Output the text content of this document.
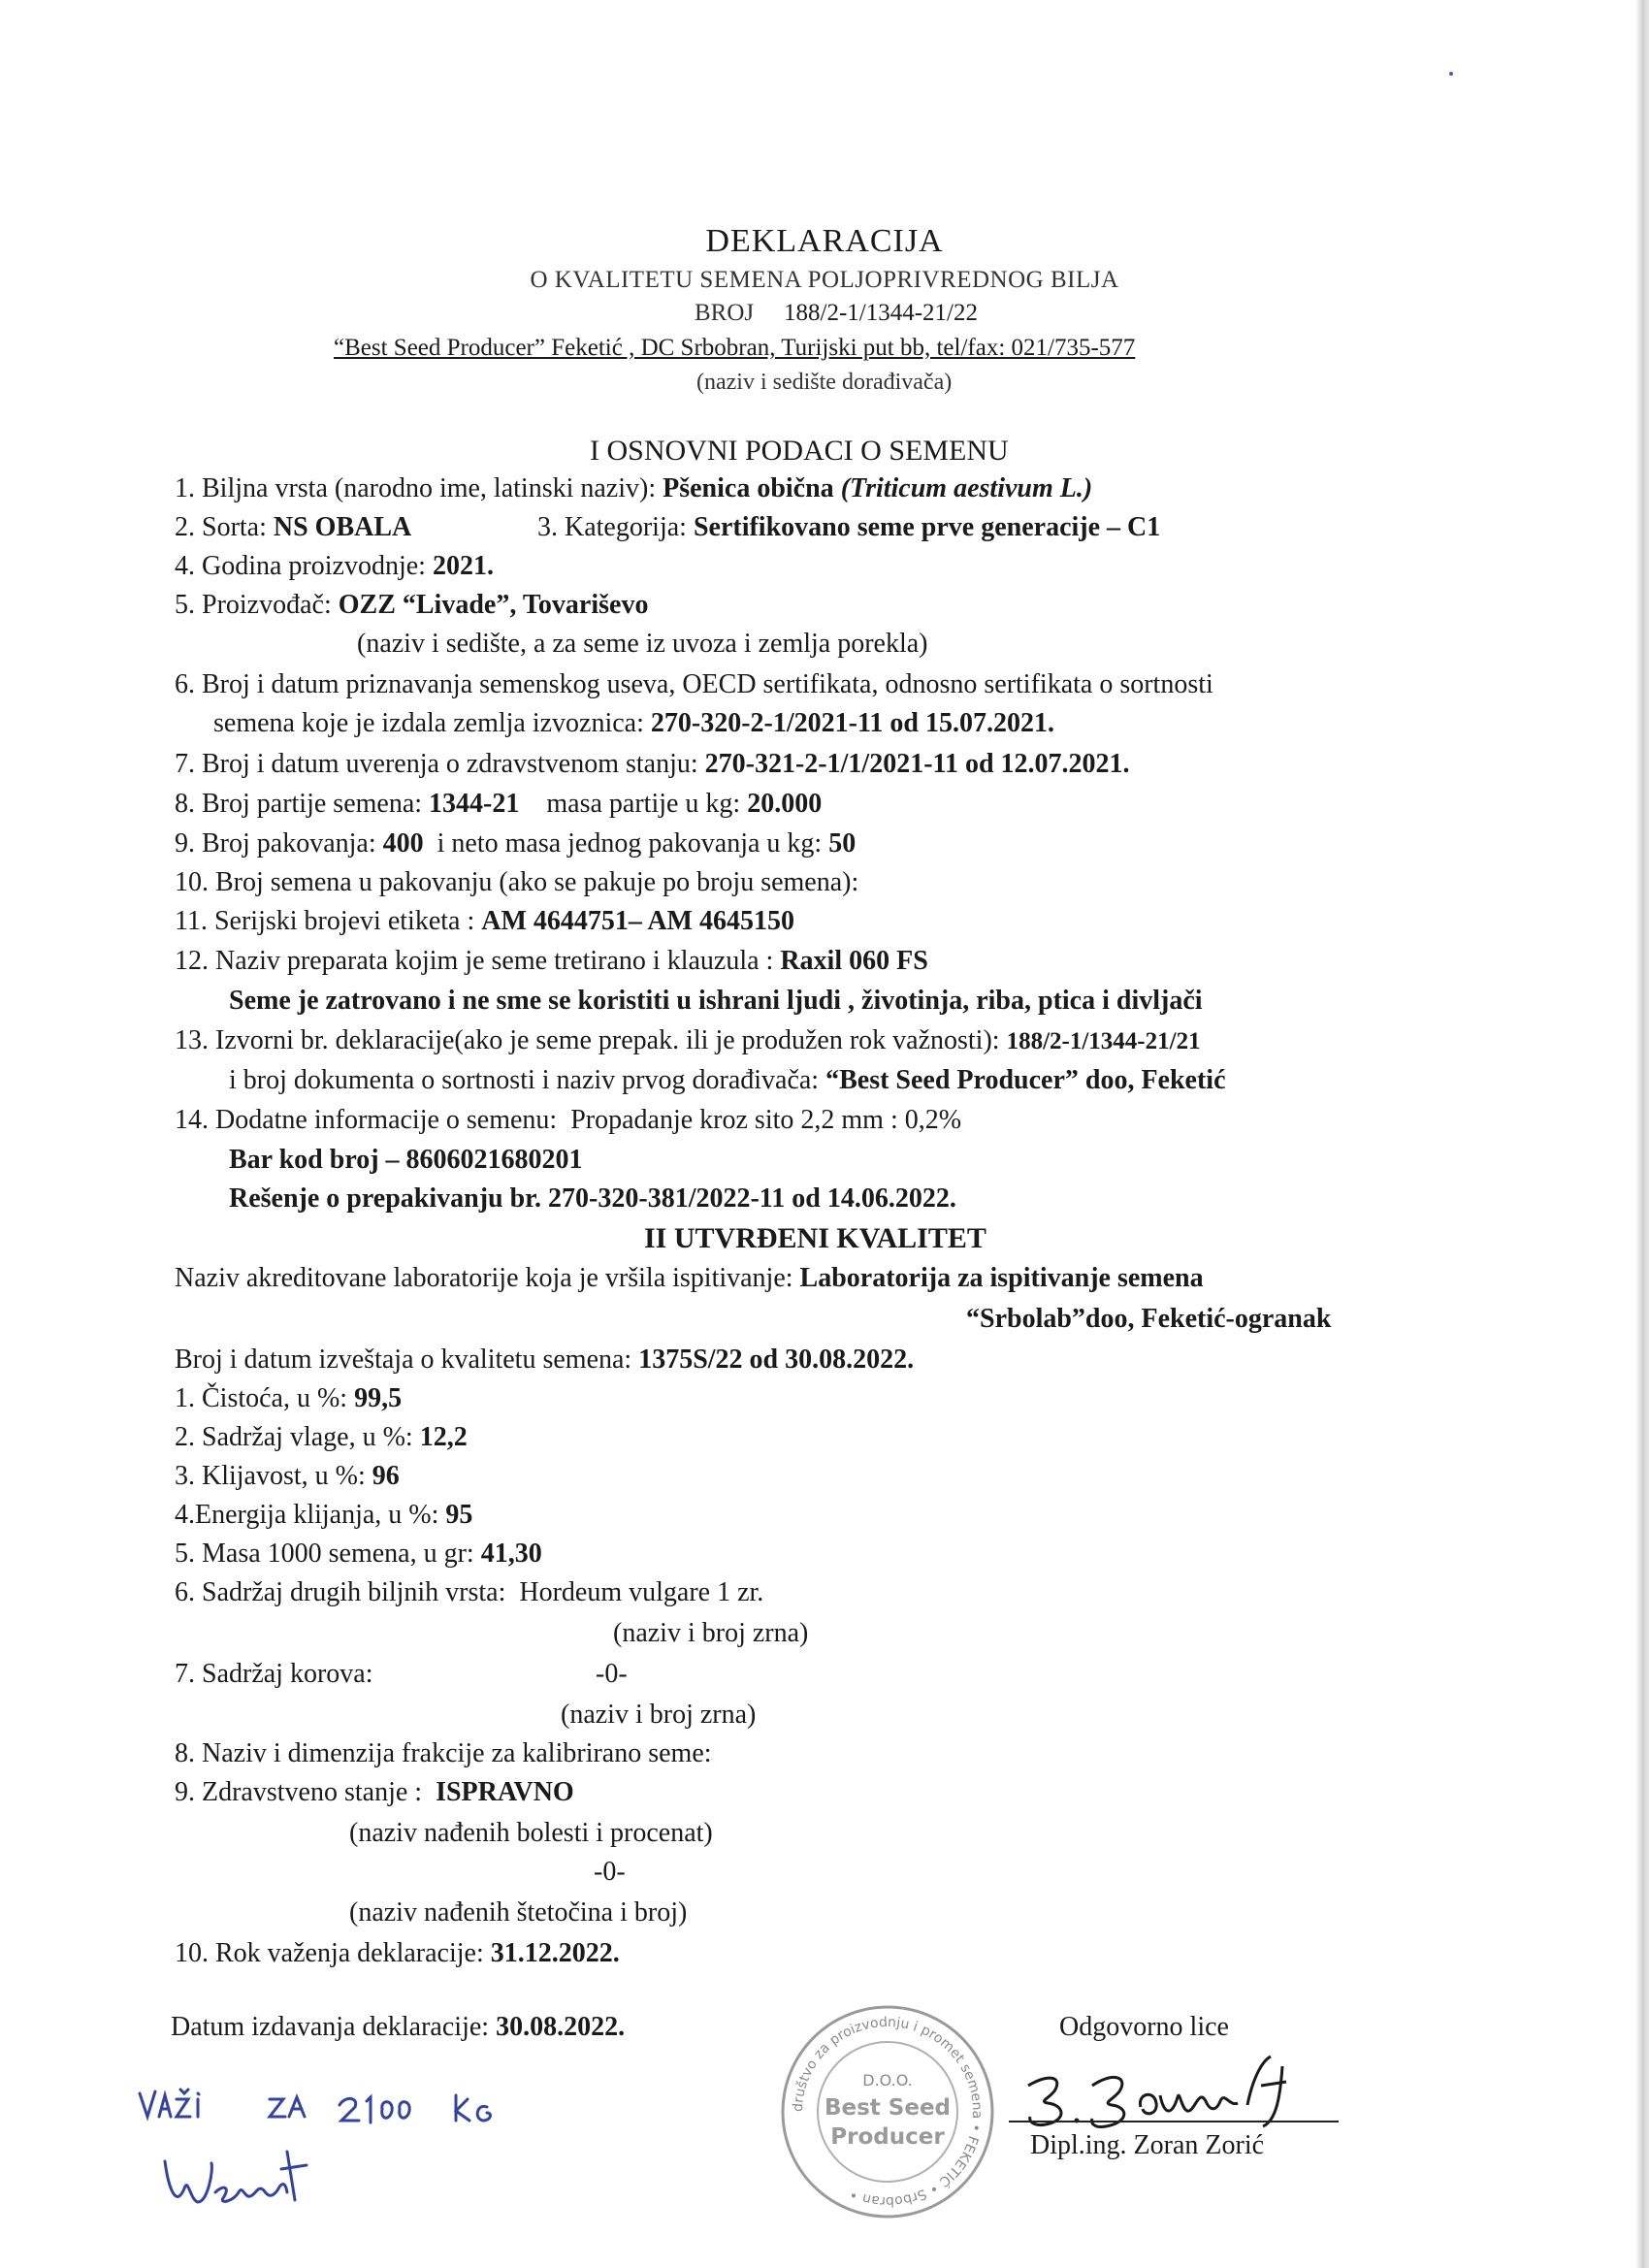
DEKLARACIJA
O KVALITETU SEMENA POLJOPRIVREDNOG BILJA
BROJ 188/2-1/1344-21/22
“Best Seed Producer” Feketić , DC Srbobran, Turijski put bb, tel/fax: 021/735-577
(naziv i sedište dorađivača)
I OSNOVNI PODACI O SEMENU
1. Biljna vrsta (narodno ime, latinski naziv): Pšenica obična (Triticum aestivum L.)
2. Sorta: NS OBALA	3. Kategorija: Sertifikovano seme prve generacije – C1
4. Godina proizvodnje: 2021.
5. Proizvođač: OZZ “Livade”, Tovariševo
(naziv i sedište, a za seme iz uvoza i zemlja porekla)
6. Broj i datum priznavanja semenskog useva, OECD sertifikata, odnosno sertifikata o sortnosti
semena koje je izdala zemlja izvoznica: 270-320-2-1/2021-11 od 15.07.2021.
7. Broj i datum uverenja o zdravstvenom stanju: 270-321-2-1/1/2021-11 od 12.07.2021.
8. Broj partije semena: 1344-21 masa partije u kg: 20.000
9. Broj pakovanja: 400 i neto masa jednog pakovanja u kg: 50
10. Broj semena u pakovanju (ako se pakuje po broju semena):
11. Serijski brojevi etiketa : AM 4644751– AM 4645150
12. Naziv preparata kojim je seme tretirano i klauzula : Raxil 060 FS
Seme je zatrovano i ne sme se koristiti u ishrani ljudi , životinja, riba, ptica i divljači
13. Izvorni br. deklaracije(ako je seme prepak. ili je produžen rok važnosti): 188/2-1/1344-21/21
i broj dokumenta o sortnosti i naziv prvog dorađivača: “Best Seed Producer” doo, Feketić
14. Dodatne informacije o semenu: Propadanje kroz sito 2,2 mm : 0,2%
Bar kod broj – 8606021680201
Rešenje o prepakivanju br. 270-320-381/2022-11 od 14.06.2022.
II UTVRĐENI KVALITET
Naziv akreditovane laboratorije koja je vršila ispitivanje: Laboratorija za ispitivanje semena
“Srbolab”doo, Feketić-ogranak
Broj i datum izveštaja o kvalitetu semena: 1375S/22 od 30.08.2022.
1. Čistoća, u %: 99,5
2. Sadržaj vlage, u %: 12,2
3. Klijavost, u %: 96
4.Energija klijanja, u %: 95
5. Masa 1000 semena, u gr: 41,30
6. Sadržaj drugih biljnih vrsta: Hordeum vulgare 1 zr.
(naziv i broj zrna)
7. Sadržaj korova:	-0-
(naziv i broj zrna)
8. Naziv i dimenzija frakcije za kalibrirano seme:
9. Zdravstveno stanje : ISPRAVNO
(naziv nađenih bolesti i procenat)
-0-
(naziv nađenih štetočina i broj)
10. Rok važenja deklaracije: 31.12.2022.
Datum izdavanja deklaracije: 30.08.2022.	Odgovorno lice
društvo za proizvodnju i promet semena • FEKETIĆ • Srbobran •
D.O.O.
Best Seed
Producer	Dipl.ing. Zoran Zorić
